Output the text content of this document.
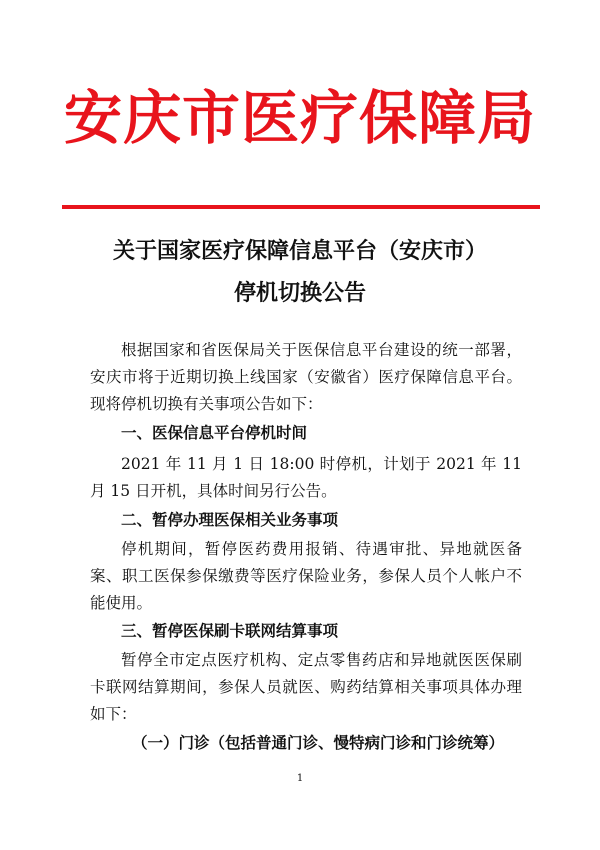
安庆市医疗保障局
关于国家医疗保障信息平台（安庆市）
停机切换公告
根据国家和省医保局关于医保信息平台建设的统一部署，安庆市将于近期切换上线国家（安徽省）医疗保障信息平台。现将停机切换有关事项公告如下：
一、医保信息平台停机时间
2021 年 11 月 1 日 18:00 时停机，计划于 2021 年 11 月 15 日开机，具体时间另行公告。
二、暂停办理医保相关业务事项
停机期间，暂停医药费用报销、待遇审批、异地就医备案、职工医保参保缴费等医疗保险业务，参保人员个人帐户不能使用。
三、暂停医保刷卡联网结算事项
暂停全市定点医疗机构、定点零售药店和异地就医医保刷卡联网结算期间，参保人员就医、购药结算相关事项具体办理如下：
（一）门诊（包括普通门诊、慢特病门诊和门诊统筹）
1
